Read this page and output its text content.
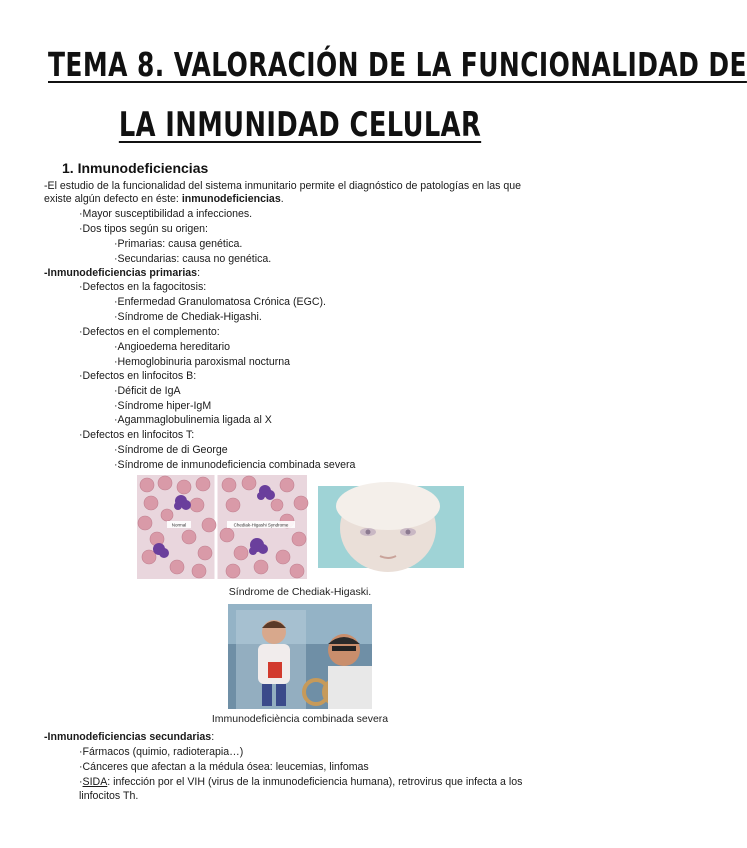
TEMA 8. VALORACIÓN DE LA FUNCIONALIDAD DE
LA INMUNIDAD CELULAR
1. Inmunodeficiencias
-El estudio de la funcionalidad del sistema inmunitario permite el diagnóstico de patologías en las que
existe algún defecto en éste: inmunodeficiencias.
·Mayor susceptibilidad a infecciones.
·Dos tipos según su origen:
·Primarias: causa genética.
·Secundarias: causa no genética.
-Inmunodeficiencias primarias:
·Defectos en la fagocitosis:
·Enfermedad Granulomatosa Crónica (EGC).
·Síndrome de Chediak-Higashi.
·Defectos en el complemento:
·Angioedema hereditario
·Hemoglobinuria paroxismal nocturna
·Defectos en linfocitos B:
·Déficit de IgA
·Síndrome hiper-IgM
·Agammaglobulinemia ligada al X
·Defectos en linfocitos T:
·Síndrome de di George
·Síndrome de inmunodeficiencia combinada severa
Normal	Chediak-Higashi Syndrome
Síndrome de Chediak-Higaski.
Immunodeficiència combinada severa
-Inmunodeficiencias secundarias:
·Fármacos (quimio, radioterapia…)
·Cánceres que afectan a la médula ósea: leucemias, linfomas
·SIDA: infección por el VIH (virus de la inmunodeficiencia humana), retrovirus que infecta a los
linfocitos Th.
